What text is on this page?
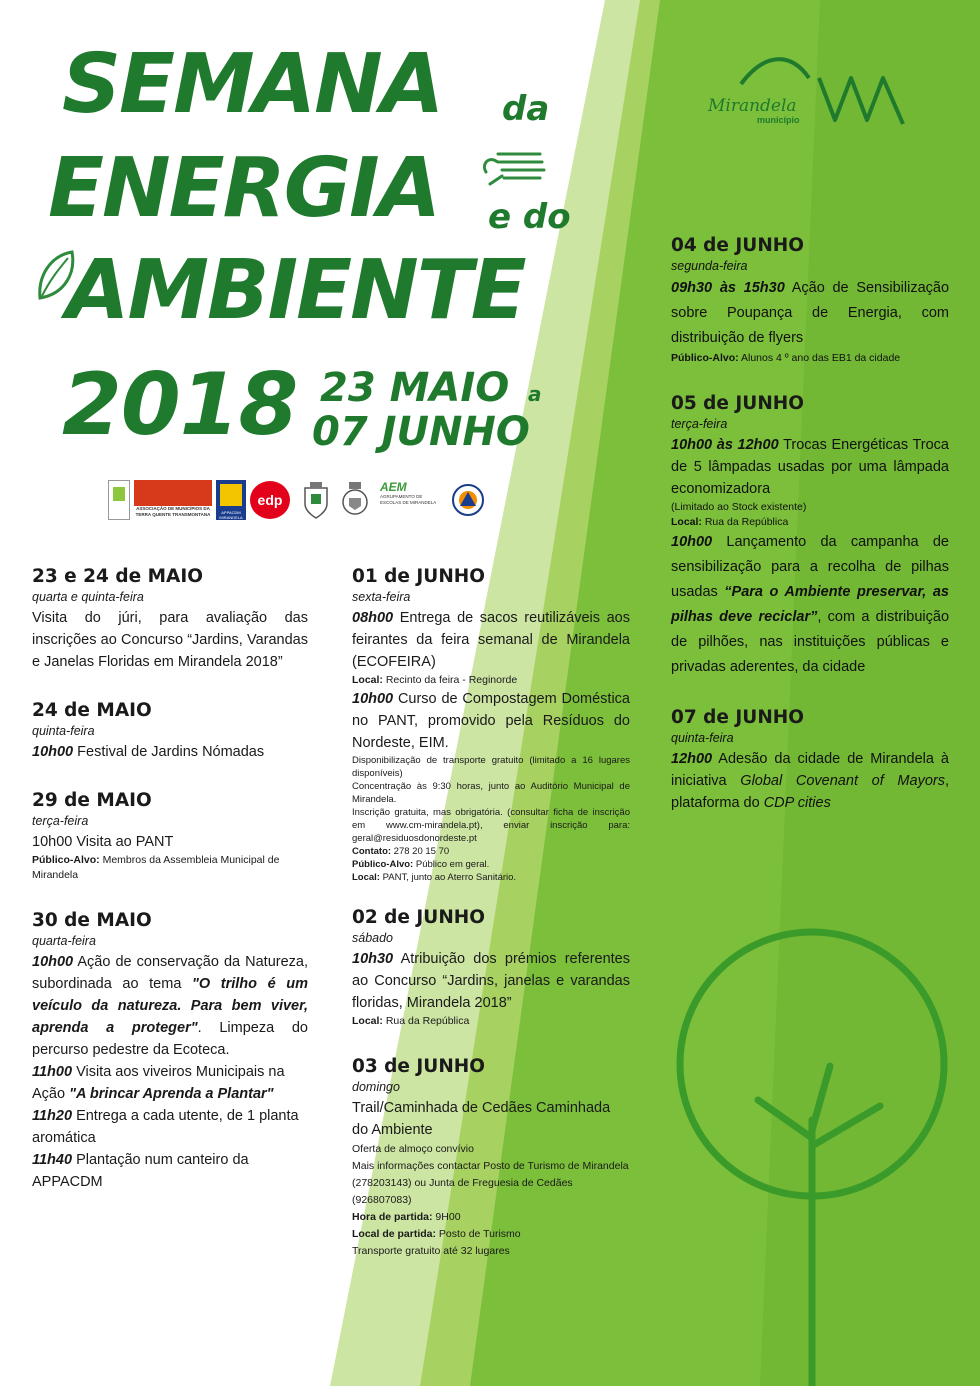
SEMANA da
ENERGIA e do
AMBIENTE
2018 23 MAIO a
07 JUNHO
Mirandela
município
ASSOCIAÇÃO DE MUNICÍPIOS DA TERRA QUENTE TRANSMONTANA	APPACDM MIRANDELA
edp
AEM
AGRUPAMENTO DE ESCOLAS DE MIRANDELA
23 e 24 de MAIO
quarta e quinta-feira
Visita do júri, para avaliação das inscrições ao Concurso “Jardins, Varandas e Janelas Floridas em Mirandela 2018”
24 de MAIO
quinta-feira
10h00 Festival de Jardins Nómadas
29 de MAIO
terça-feira
10h00 Visita ao PANT
Público-Alvo: Membros da Assembleia Municipal de Mirandela
30 de MAIO
quarta-feira
10h00 Ação de conservação da Natureza, subordinada ao tema "O trilho é um veículo da natureza. Para bem viver, aprenda a proteger". Limpeza do percurso pedestre da Ecoteca.
11h00 Visita aos viveiros Municipais na Ação "A brincar Aprenda a Plantar"
11h20 Entrega a cada utente, de 1 planta aromática
11h40 Plantação num canteiro da APPACDM
01 de JUNHO
sexta-feira
08h00 Entrega de sacos reutilizáveis aos feirantes da feira semanal de Mirandela (ECOFEIRA)
Local: Recinto da feira - Reginorde
10h00 Curso de Compostagem Doméstica no PANT, promovido pela Resíduos do Nordeste, EIM.
Disponibilização de transporte gratuito (limitado a 16 lugares disponíveis)
Concentração às 9:30 horas, junto ao Auditório Municipal de Mirandela.
Inscrição gratuita, mas obrigatória. (consultar ficha de inscrição em www.cm-mirandela.pt), enviar inscrição para: geral@residuosdonordeste.pt
Contato: 278 20 15 70
Público-Alvo: Público em geral.
Local: PANT, junto ao Aterro Sanitário.
02 de JUNHO
sábado
10h30 Atribuição dos prémios referentes ao Concurso “Jardins, janelas e varandas floridas, Mirandela 2018”
Local: Rua da República
03 de JUNHO
domingo
Trail/Caminhada de Cedães Caminhada do Ambiente
Oferta de almoço convívio
Mais informações contactar Posto de Turismo de Mirandela (278203143) ou Junta de Freguesia de Cedães (926807083)
Hora de partida: 9H00
Local de partida: Posto de Turismo
Transporte gratuito até 32 lugares
04 de JUNHO
segunda-feira
09h30 às 15h30 Ação de Sensibilização sobre Poupança de Energia, com distribuição de flyers
Público-Alvo: Alunos 4 º ano das EB1 da cidade
05 de JUNHO
terça-feira
10h00 às 12h00 Trocas Energéticas Troca de 5 lâmpadas usadas por uma lâmpada economizadora
(Limitado ao Stock existente)
Local: Rua da República
10h00 Lançamento da campanha de sensibilização para a recolha de pilhas usadas “Para o Ambiente preservar, as pilhas deve reciclar”, com a distribuição de pilhões, nas instituições públicas e privadas aderentes, da cidade
07 de JUNHO
quinta-feira
12h00 Adesão da cidade de Mirandela à iniciativa Global Covenant of Mayors, plataforma do CDP cities
